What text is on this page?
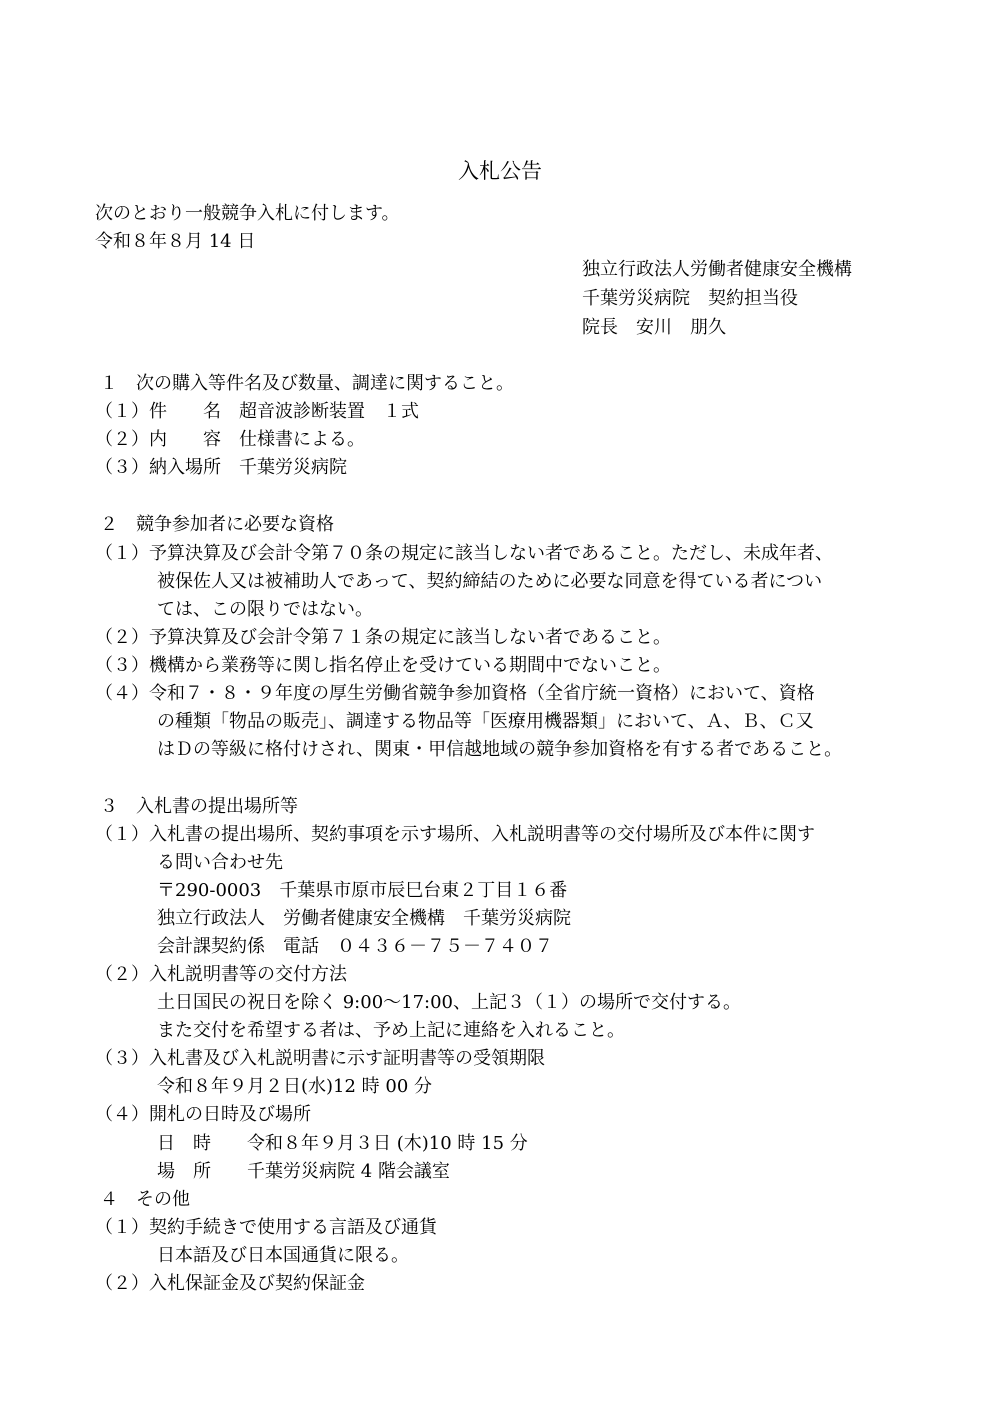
入札公告
次のとおり一般競争入札に付します。
令和８年８月 14 日
独立行政法人労働者健康安全機構
千葉労災病院　契約担当役
院長　安川　朋久
１　次の購入等件名及び数量、調達に関すること。
（１）件　　名　超音波診断装置　１式
（２）内　　容　仕様書による。
（３）納入場所　千葉労災病院
２　競争参加者に必要な資格
（１）予算決算及び会計令第７０条の規定に該当しない者であること。ただし、未成年者、
被保佐人又は被補助人であって、契約締結のために必要な同意を得ている者につい
ては、この限りではない。
（２）予算決算及び会計令第７１条の規定に該当しない者であること。
（３）機構から業務等に関し指名停止を受けている期間中でないこと。
（４）令和７・８・９年度の厚生労働省競争参加資格（全省庁統一資格）において、資格
の種類「物品の販売」、調達する物品等「医療用機器類」において、Ａ、Ｂ、Ｃ又
はＤの等級に格付けされ、関東・甲信越地域の競争参加資格を有する者であること。
３　入札書の提出場所等
（１）入札書の提出場所、契約事項を示す場所、入札説明書等の交付場所及び本件に関す
る問い合わせ先
〒290-0003　千葉県市原市辰巳台東２丁目１６番
独立行政法人　労働者健康安全機構　千葉労災病院
会計課契約係　電話　０４３６－７５－７４０７
（２）入札説明書等の交付方法
土日国民の祝日を除く 9:00～17:00、上記３（１）の場所で交付する。
また交付を希望する者は、予め上記に連絡を入れること。
（３）入札書及び入札説明書に示す証明書等の受領期限
令和８年９月２日(水)12 時 00 分
（４）開札の日時及び場所
日　時　　令和８年９月３日 (木)10 時 15 分
場　所　　千葉労災病院 4 階会議室
４　その他
（１）契約手続きで使用する言語及び通貨
日本語及び日本国通貨に限る。
（２）入札保証金及び契約保証金
